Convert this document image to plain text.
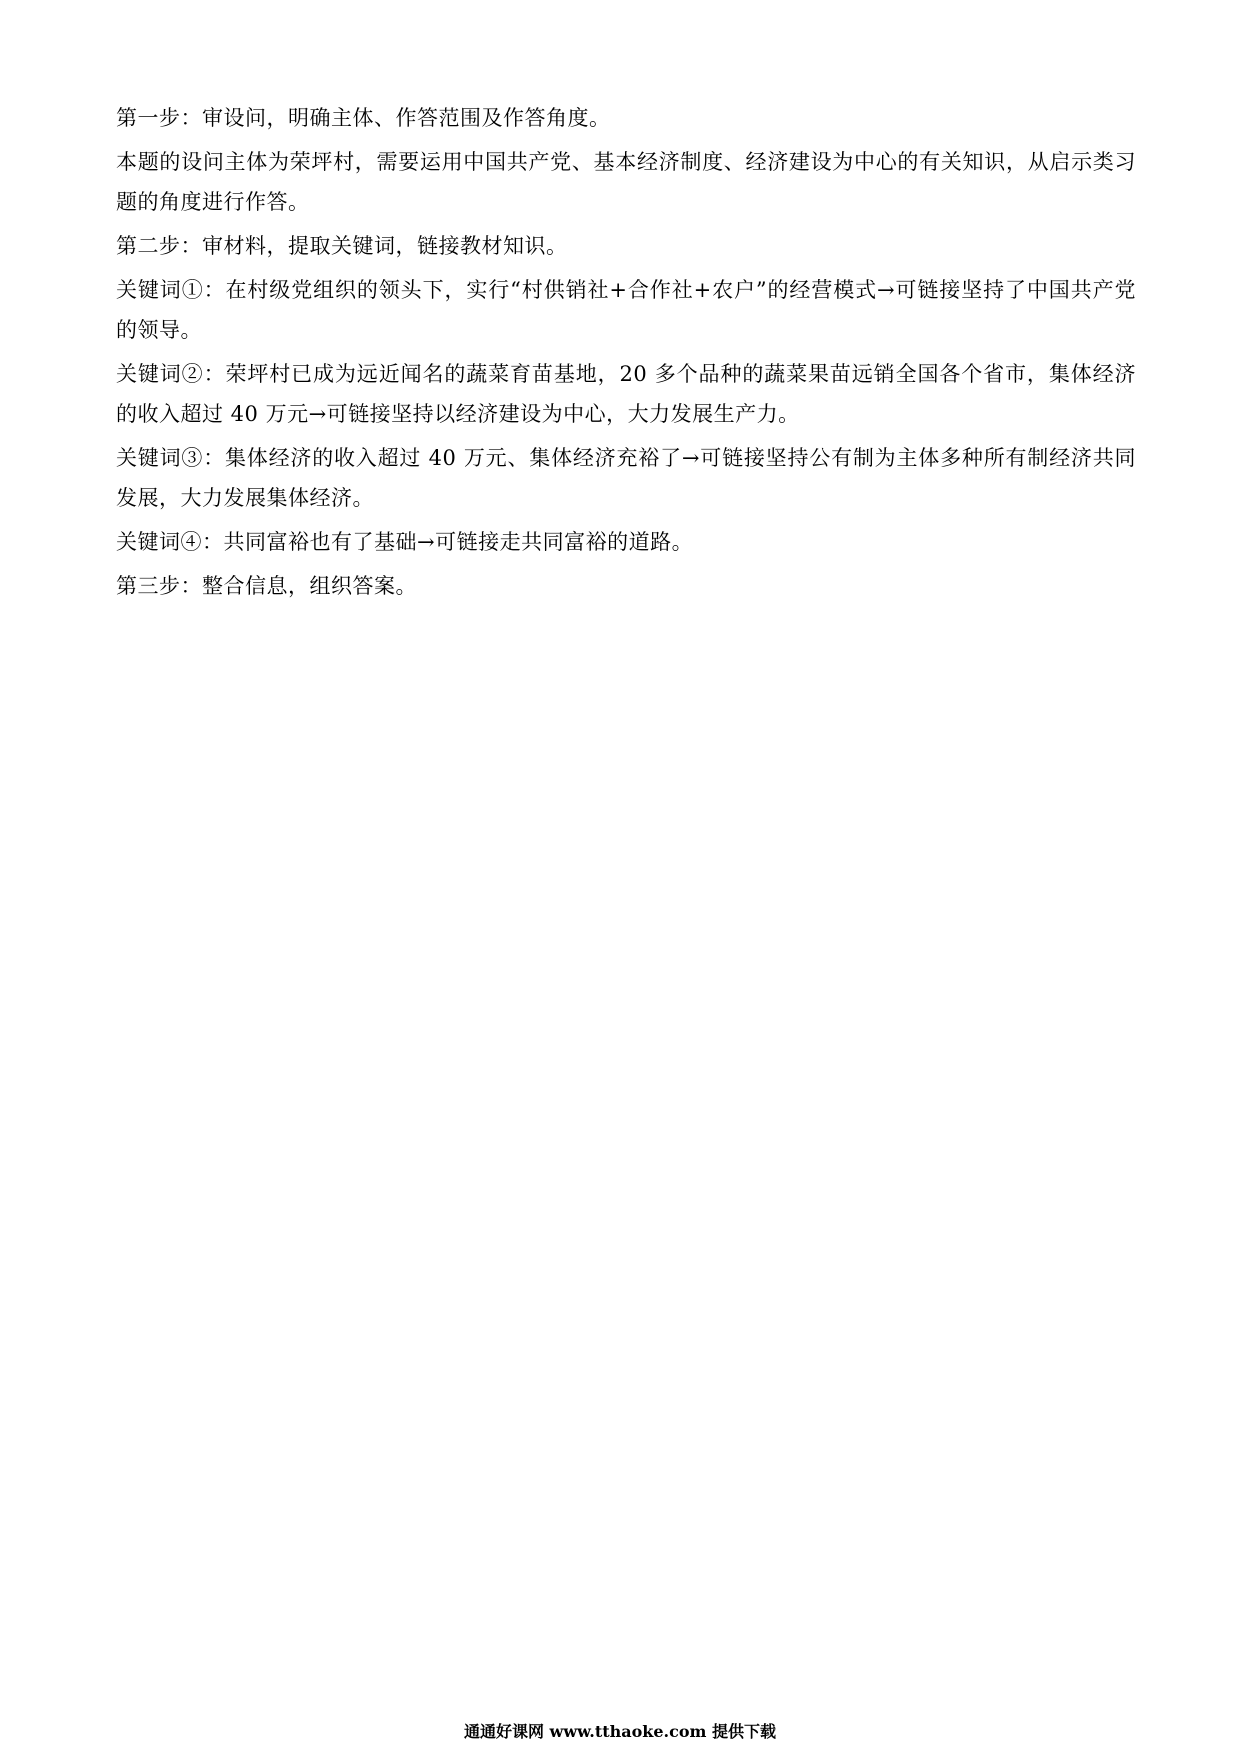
第一步：审设问，明确主体、作答范围及作答角度。

本题的设问主体为荣坪村，需要运用中国共产党、基本经济制度、经济建设为中心的有关知识，从启示类习题的角度进行作答。

第二步：审材料，提取关键词，链接教材知识。

关键词①：在村级党组织的领头下，实行“村供销社+合作社+农户”的经营模式→可链接坚持了中国共产党的领导。

关键词②：荣坪村已成为远近闻名的蔬菜育苗基地，20 多个品种的蔬菜果苗远销全国各个省市，集体经济的收入超过 40 万元→可链接坚持以经济建设为中心，大力发展生产力。

关键词③：集体经济的收入超过 40 万元、集体经济充裕了→可链接坚持公有制为主体多种所有制经济共同发展，大力发展集体经济。

关键词④：共同富裕也有了基础→可链接走共同富裕的道路。

第三步：整合信息，组织答案。

通通好课网 www.tthaoke.com 提供下载
